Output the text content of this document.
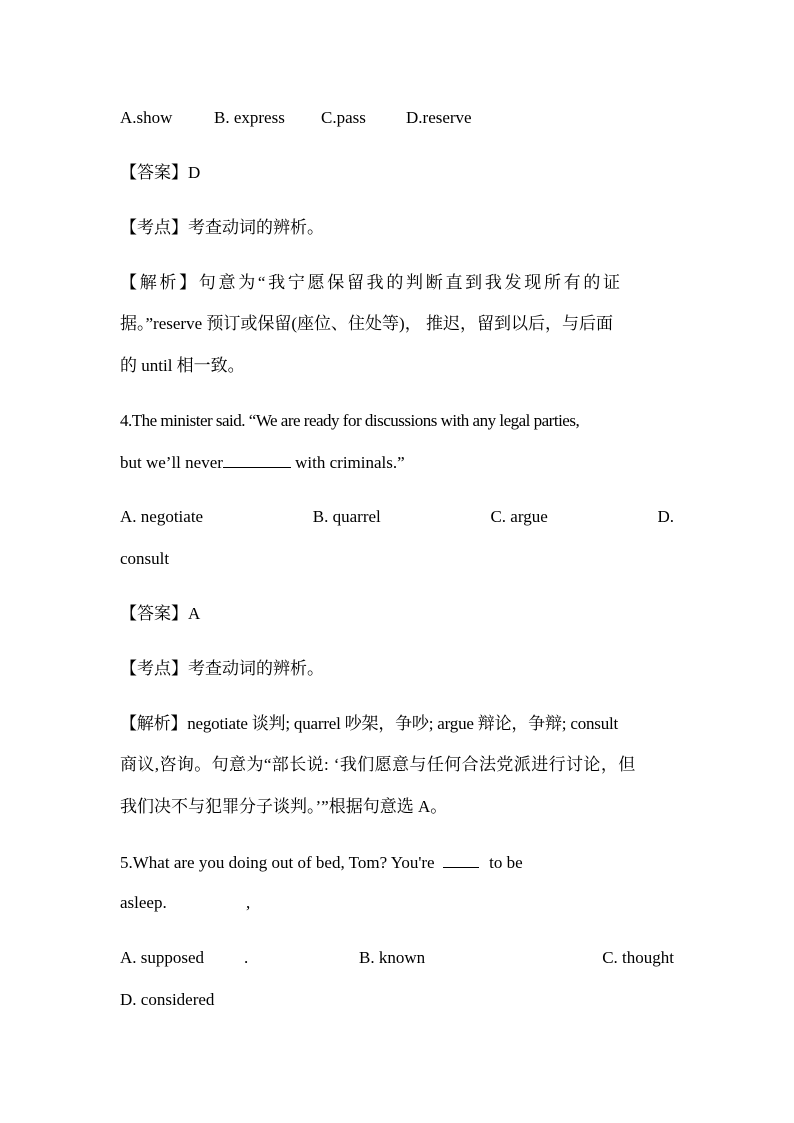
A.show B. express C.pass D.reserve
【答案】D
【考点】考查动词的辨析。
【解析】句意为“我宁愿保留我的判断直到我发现所有的证
据。”reserve 预订或保留(座位、住处等)， 推迟，留到以后，与后面
的 until 相一致。
4.The minister said. “We are ready for discussions with any legal parties,
but we’ll never	with criminals.”
A. negotiate	B. quarrel	C. argue	D.
consult
【答案】A
【考点】考查动词的辨析。
【解析】negotiate 谈判; quarrel 吵架，争吵; argue 辩论，争辩; consult
商议,咨询。句意为“部长说: ‘我们愿意与任何合法党派进行讨论，但
我们决不与犯罪分子谈判。’”根据句意选 A。
5.What are you doing out of bed, Tom? You're	to be
asleep.	,
A. supposed .	B. known	C. thought
D. considered
